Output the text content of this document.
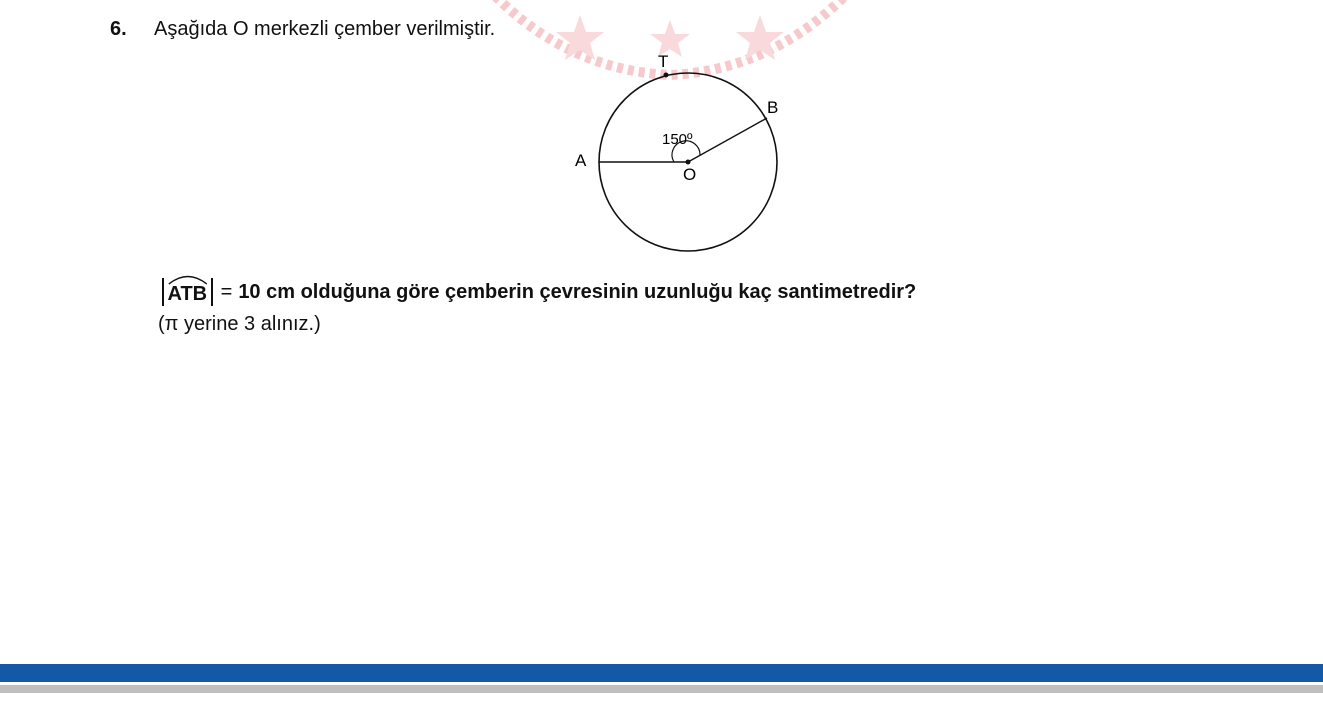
6. Aşağıda O merkezli çember verilmiştir.
T
B
A
O
150º
ATB = 10 cm olduğuna göre çemberin çevresinin uzunluğu kaç santimetredir?
(π yerine 3 alınız.)
